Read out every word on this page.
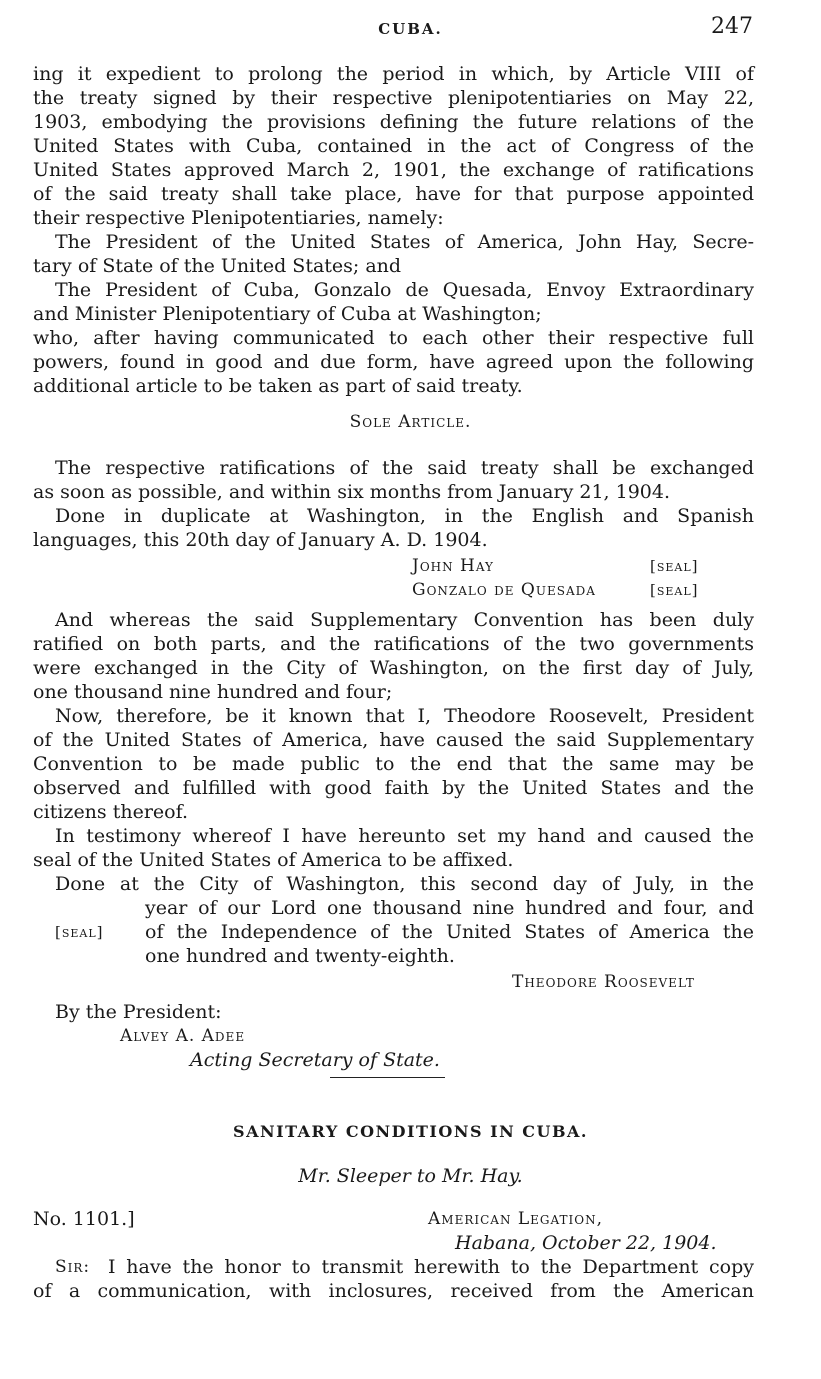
CUBA.	247
ing it expedient to prolong the period in which, by Article VIII of
the treaty signed by their respective plenipotentiaries on May 22,
1903, embodying the provisions defining the future relations of the
United States with Cuba, contained in the act of Congress of the
United States approved March 2, 1901, the exchange of ratifications
of the said treaty shall take place, have for that purpose appointed
their respective Plenipotentiaries, namely:
The President of the United States of America, John Hay, Secre-
tary of State of the United States; and
The President of Cuba, Gonzalo de Quesada, Envoy Extraordinary
and Minister Plenipotentiary of Cuba at Washington;
who, after having communicated to each other their respective full
powers, found in good and due form, have agreed upon the following
additional article to be taken as part of said treaty.
Sole Article.
The respective ratifications of the said treaty shall be exchanged
as soon as possible, and within six months from January 21, 1904.
Done in duplicate at Washington, in the English and Spanish
languages, this 20th day of January A. D. 1904.
John Hay	[seal]
Gonzalo de Quesada	[seal]
And whereas the said Supplementary Convention has been duly
ratified on both parts, and the ratifications of the two governments
were exchanged in the City of Washington, on the first day of July,
one thousand nine hundred and four;
Now, therefore, be it known that I, Theodore Roosevelt, President
of the United States of America, have caused the said Supplementary
Convention to be made public to the end that the same may be
observed and fulfilled with good faith by the United States and the
citizens thereof.
In testimony whereof I have hereunto set my hand and caused the
seal of the United States of America to be affixed.
Done at the City of Washington, this second day of July, in the
year of our Lord one thousand nine hundred and four, and
[seal] of the Independence of the United States of America the
one hundred and twenty-eighth.
Theodore Roosevelt
By the President:
Alvey A. Adee
Acting Secretary of State.
SANITARY CONDITIONS IN CUBA.
Mr. Sleeper to Mr. Hay.
No. 1101.]	American Legation,
Habana, October 22, 1904.
Sir: I have the honor to transmit herewith to the Department copy
of a communication, with inclosures, received from the American
